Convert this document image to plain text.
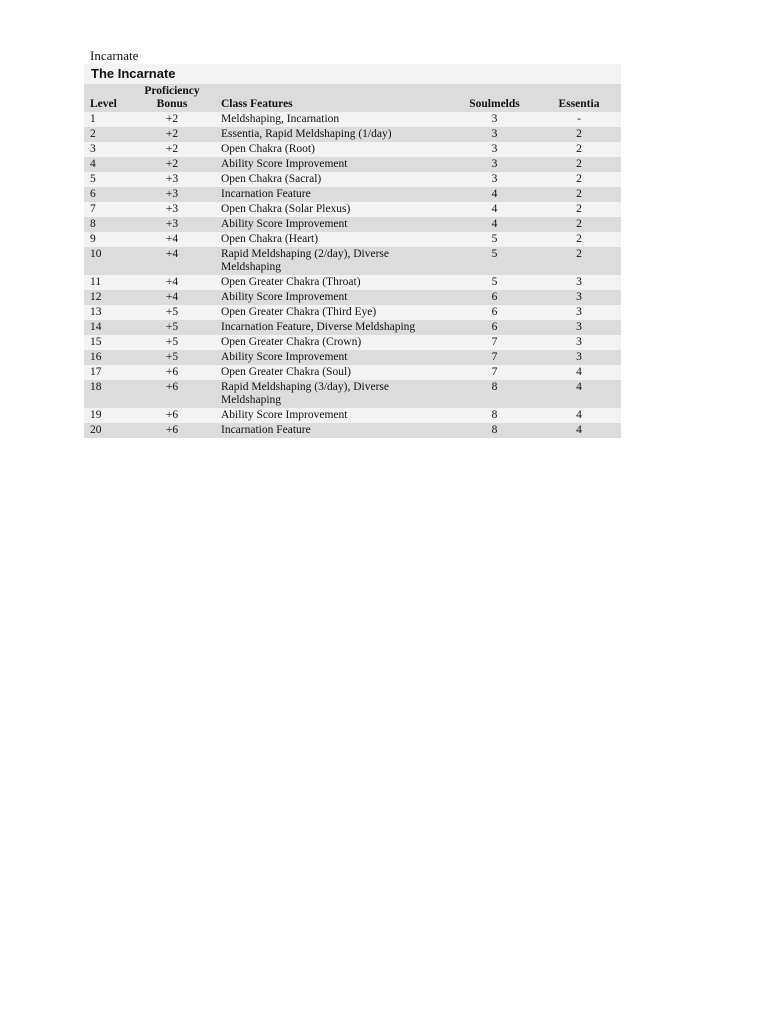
Incarnate
The Incarnate
Level	Proficiency Bonus	Class Features	Soulmelds	Essentia
1	+2	Meldshaping, Incarnation	3	-
2	+2	Essentia, Rapid Meldshaping (1/day)	3	2
3	+2	Open Chakra (Root)	3	2
4	+2	Ability Score Improvement	3	2
5	+3	Open Chakra (Sacral)	3	2
6	+3	Incarnation Feature	4	2
7	+3	Open Chakra (Solar Plexus)	4	2
8	+3	Ability Score Improvement	4	2
9	+4	Open Chakra (Heart)	5	2
10	+4	Rapid Meldshaping (2/day), Diverse Meldshaping	5	2
11	+4	Open Greater Chakra (Throat)	5	3
12	+4	Ability Score Improvement	6	3
13	+5	Open Greater Chakra (Third Eye)	6	3
14	+5	Incarnation Feature, Diverse Meldshaping	6	3
15	+5	Open Greater Chakra (Crown)	7	3
16	+5	Ability Score Improvement	7	3
17	+6	Open Greater Chakra (Soul)	7	4
18	+6	Rapid Meldshaping (3/day), Diverse Meldshaping	8	4
19	+6	Ability Score Improvement	8	4
20	+6	Incarnation Feature	8	4
